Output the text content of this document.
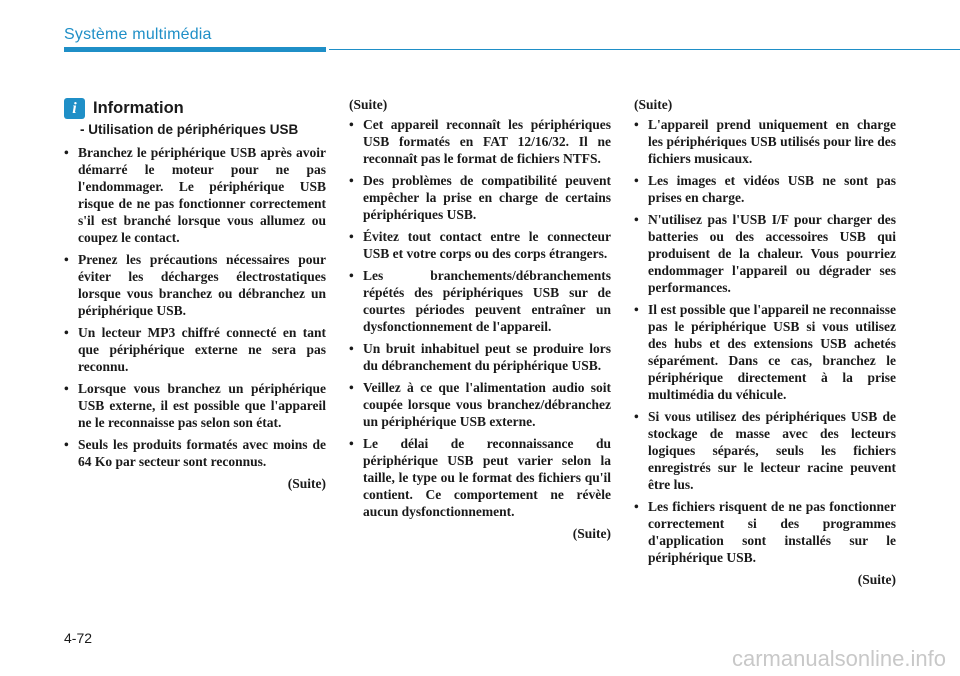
Système multimédia
i Information
- Utilisation de périphériques USB
• Branchez le périphérique USB après avoir démarré le moteur pour ne pas l'endommager. Le périphérique USB risque de ne pas fonctionner correctement s'il est branché lorsque vous allumez ou coupez le contact.
• Prenez les précautions nécessaires pour éviter les décharges électrostatiques lorsque vous branchez ou débranchez un périphérique USB.
• Un lecteur MP3 chiffré connecté en tant que périphérique externe ne sera pas reconnu.
• Lorsque vous branchez un périphérique USB externe, il est possible que l'appareil ne le reconnaisse pas selon son état.
• Seuls les produits formatés avec moins de 64 Ko par secteur sont reconnus.
(Suite)
(Suite)
• Cet appareil reconnaît les périphériques USB formatés en FAT 12/16/32. Il ne reconnaît pas le format de fichiers NTFS.
• Des problèmes de compatibilité peuvent empêcher la prise en charge de certains périphériques USB.
• Évitez tout contact entre le connecteur USB et votre corps ou des corps étrangers.
• Les branchements/débranchements répétés des périphériques USB sur de courtes périodes peuvent entraîner un dysfonctionnement de l'appareil.
• Un bruit inhabituel peut se produire lors du débranchement du périphérique USB.
• Veillez à ce que l'alimentation audio soit coupée lorsque vous branchez/débranchez un périphérique USB externe.
• Le délai de reconnaissance du périphérique USB peut varier selon la taille, le type ou le format des fichiers qu'il contient. Ce comportement ne révèle aucun dysfonctionnement.
(Suite)
(Suite)
• L'appareil prend uniquement en charge les périphériques USB utilisés pour lire des fichiers musicaux.
• Les images et vidéos USB ne sont pas prises en charge.
• N'utilisez pas l'USB I/F pour charger des batteries ou des accessoires USB qui produisent de la chaleur. Vous pourriez endommager l'appareil ou dégrader ses performances.
• Il est possible que l'appareil ne reconnaisse pas le périphérique USB si vous utilisez des hubs et des extensions USB achetés séparément. Dans ce cas, branchez le périphérique directement à la prise multimédia du véhicule.
• Si vous utilisez des périphériques USB de stockage de masse avec des lecteurs logiques séparés, seuls les fichiers enregistrés sur le lecteur racine peuvent être lus.
• Les fichiers risquent de ne pas fonctionner correctement si des programmes d'application sont installés sur le périphérique USB.
(Suite)
4-72
carmanualsonline.info
